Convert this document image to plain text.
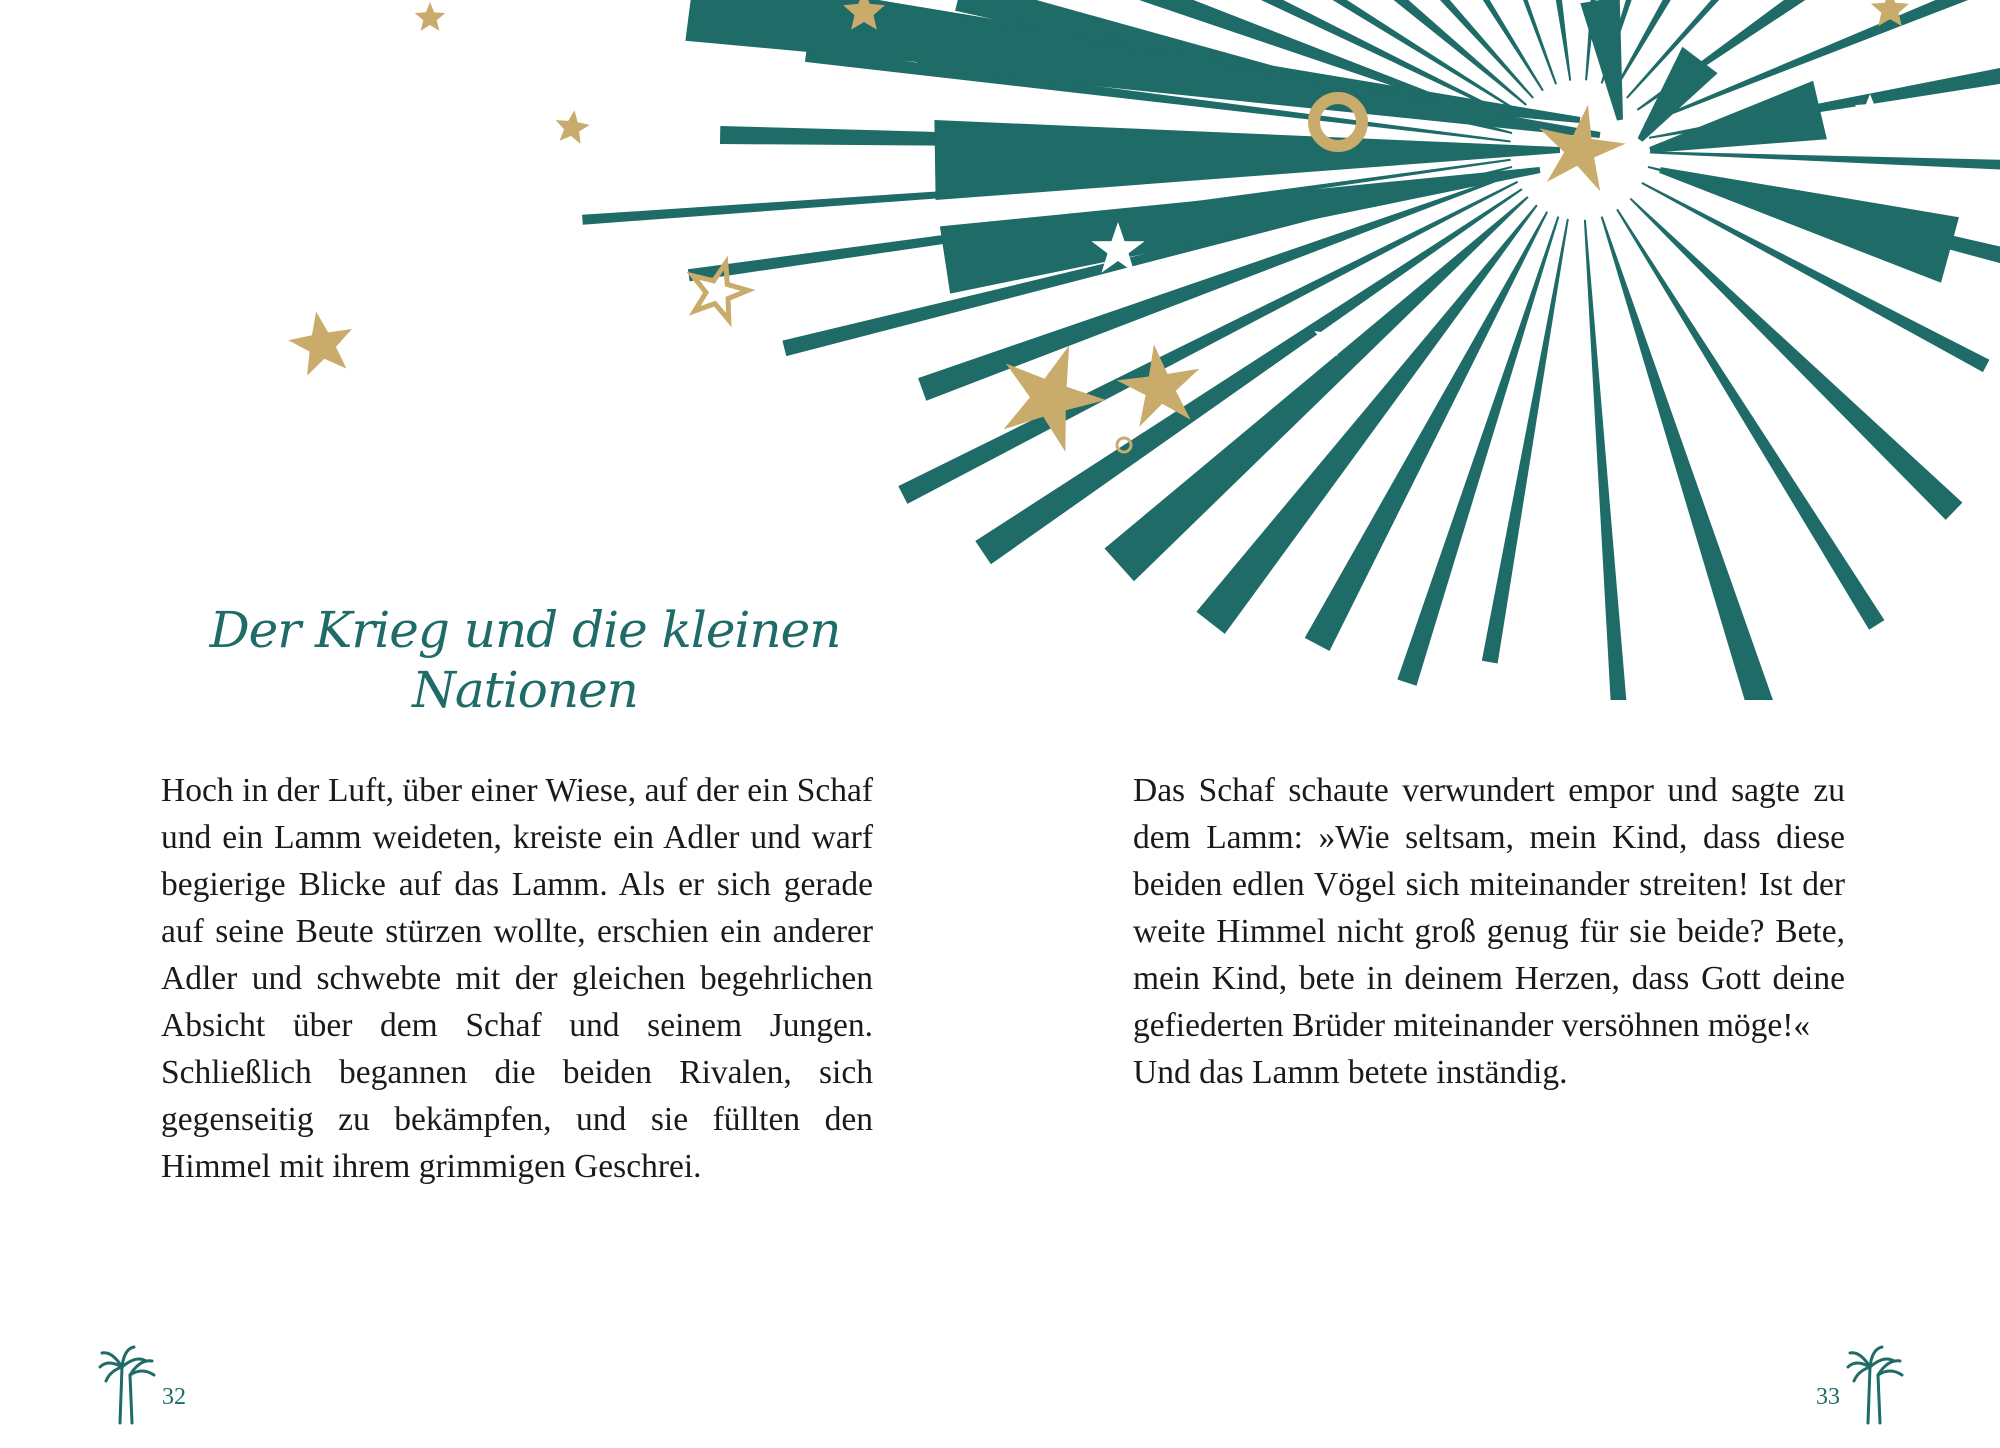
Der Krieg und die kleinen Nationen

Hoch in der Luft, über einer Wiese, auf der ein Schaf und ein Lamm weideten, kreiste ein Adler und warf begierige Blicke auf das Lamm. Als er sich gerade auf seine Beute stürzen wollte, erschien ein anderer Adler und schwebte mit der gleichen begehrlichen Absicht über dem Schaf und seinem Jungen. Schließlich begannen die beiden Rivalen, sich gegenseitig zu bekämpfen, und sie füllten den Himmel mit ihrem grimmigen Geschrei.

Das Schaf schaute verwundert empor und sagte zu dem Lamm: »Wie seltsam, mein Kind, dass diese beiden edlen Vögel sich miteinander streiten! Ist der weite Himmel nicht groß genug für sie beide? Bete, mein Kind, bete in deinem Herzen, dass Gott deine gefiederten Brüder miteinander versöhnen möge!«

Und das Lamm betete inständig.

32	33
